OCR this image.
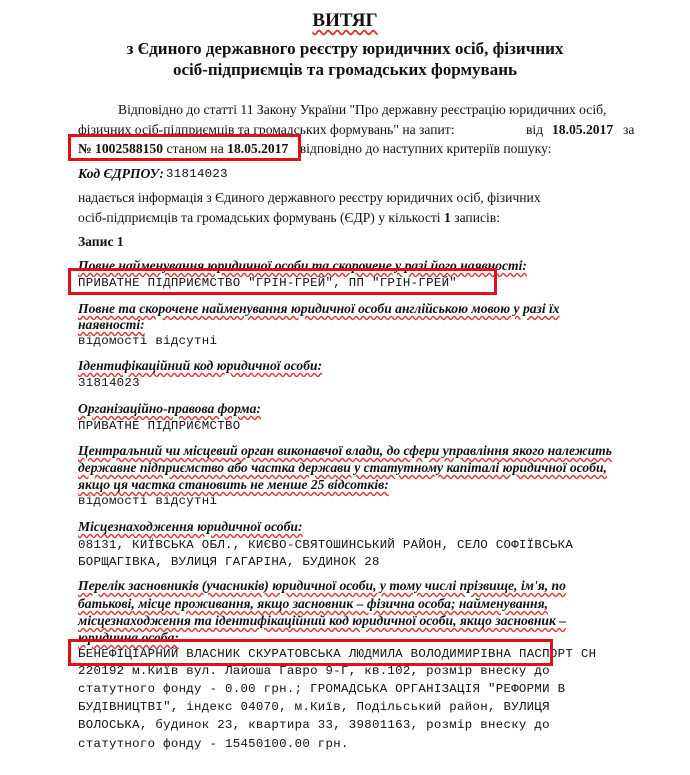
ВИТЯГ
з Єдиного державного реєстру юридичних осіб, фізичних
осіб-підприємців та громадських формувань
Відповідно до статті 11 Закону України "Про державну реєстрацію юридичних осіб,
фізичних осіб-підприємців та громадських формувань" на запит:	від 18.05.2017 за
№ 1002588150 станом на 18.05.2017 відповідно до наступних критеріїв пошуку:
Код ЄДРПОУ: 31814023
надається інформація з Єдиного державного реєстру юридичних осіб, фізичних
осіб-підприємців та громадських формувань (ЄДР) у кількості 1 записів:
Запис 1
Повне найменування юридичної особи та скорочене у разі його наявності:
ПРИВАТНЕ ПІДПРИЄМСТВО "ГРІН-ГРЕЙ", ПП "ГРІН-ГРЕЙ"
Повне та скорочене найменування юридичної особи англійською мовою у разі їх
наявності:
відомості відсутні
Ідентифікаційний код юридичної особи:
31814023
Організаційно-правова форма:
ПРИВАТНЕ ПІДПРИЄМСТВО
Центральний чи місцевий орган виконавчої влади, до сфери управління якого належить
державне підприємство або частка держави у статутному капіталі юридичної особи,
якщо ця частка становить не менше 25 відсотків:
відомості відсутні
Місцезнаходження юридичної особи:
08131, КИЇВСЬКА ОБЛ., КИЄВО-СВЯТОШИНСЬКИЙ РАЙОН, СЕЛО СОФІЇВСЬКА
БОРЩАГІВКА, ВУЛИЦЯ ГАГАРІНА, БУДИНОК 28
Перелік засновників (учасників) юридичної особи, у тому числі прізвище, ім'я, по
батькові, місце проживання, якщо засновник – фізична особа; найменування,
місцезнаходження та ідентифікаційний код юридичної особи, якщо засновник –
юридична особа:
БЕНЕФІЦІАРНИЙ ВЛАСНИК СКУРАТОВСЬКА ЛЮДМИЛА ВОЛОДИМИРІВНА ПАСПОРТ СН
220192 м.Київ вул. Лайоша Гавро 9-Г, кв.102, розмір внеску до
статутного фонду - 0.00 грн.; ГРОМАДСЬКА ОРГАНІЗАЦІЯ "РЕФОРМИ В
БУДІВНИЦТВІ", індекс 04070, м.Київ, Подільський район, ВУЛИЦЯ
ВОЛОСЬКА, будинок 23, квартира 33, 39801163, розмір внеску до
статутного фонду - 15450100.00 грн.
